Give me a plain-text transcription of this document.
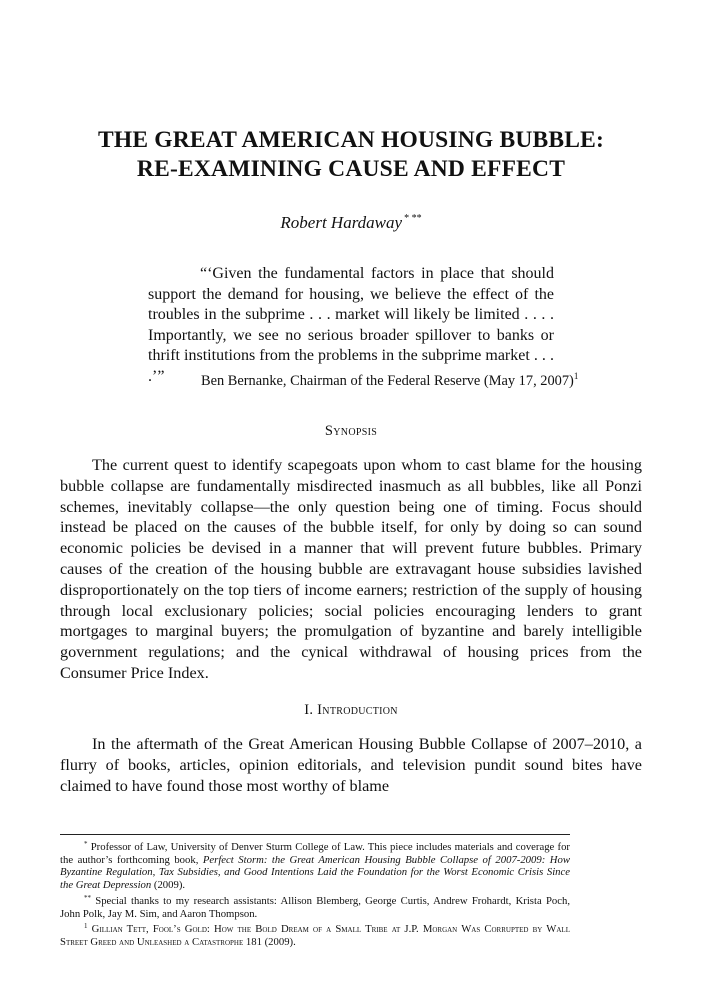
THE GREAT AMERICAN HOUSING BUBBLE:
RE-EXAMINING CAUSE AND EFFECT
Robert Hardaway * **

“‘Given the fundamental factors in place that should support the demand for housing, we believe the effect of the troubles in the subprime . . . market will likely be limited . . . . Importantly, we see no serious broader spillover to banks or thrift institutions from the problems in the subprime market . . . .’”	Ben Bernanke, Chairman of the Federal Reserve (May 17, 2007)$^1$
Synopsis

The current quest to identify scapegoats upon whom to cast blame for the housing bubble collapse are fundamentally misdirected inasmuch as all bubbles, like all Ponzi schemes, inevitably collapse—the only question being one of timing. Focus should instead be placed on the causes of the bubble itself, for only by doing so can sound economic policies be devised in a manner that will prevent future bubbles. Primary causes of the creation of the housing bubble are extravagant house subsidies lavished disproportionately on the top tiers of income earners; restriction of the supply of housing through local exclusionary policies; social policies encouraging lenders to grant mortgages to marginal buyers; the promulgation of byzantine and barely intelligible government regulations; and the cynical withdrawal of housing prices from the Consumer Price Index.

I. Introduction

In the aftermath of the Great American Housing Bubble Collapse of 2007–2010, a flurry of books, articles, opinion editorials, and television pundit sound bites have claimed to have found those most worthy of blame

* Professor of Law, University of Denver Sturm College of Law. This piece includes materials and coverage for the author’s forthcoming book, Perfect Storm: the Great American Housing Bubble Collapse of 2007-2009: How Byzantine Regulation, Tax Subsidies, and Good Intentions Laid the Foundation for the Worst Economic Crisis Since the Great Depression (2009).

** Special thanks to my research assistants: Allison Blemberg, George Curtis, Andrew Frohardt, Krista Poch, John Polk, Jay M. Sim, and Aaron Thompson.

$^1$ Gillian Tett, Fool’s Gold: How the Bold Dream of a Small Tribe at J.P. Morgan Was Corrupted by Wall Street Greed and Unleashed a Catastrophe 181 (2009).
